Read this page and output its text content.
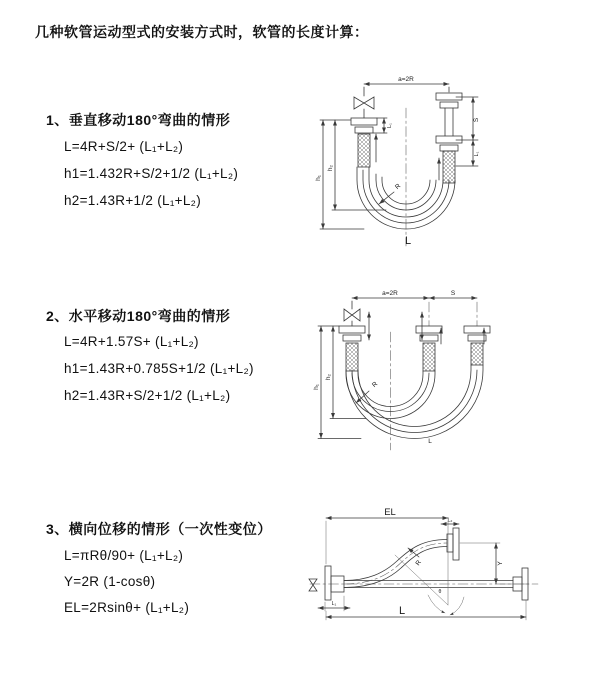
几种软管运动型式的安装方式时，软管的长度计算：
1、垂直移动180°弯曲的情形
L=4R+S/2+ (L₁+L₂)
h1=1.432R+S/2+1/2 (L₁+L₂)
h2=1.43R+1/2 (L₁+L₂)
2、水平移动180°弯曲的情形
L=4R+1.57S+ (L₁+L₂)
h1=1.43R+0.785S+1/2 (L₁+L₂)
h2=1.43R+S/2+1/2 (L₁+L₂)
3、横向位移的情形（一次性变位）
L=πRθ/90+ (L₁+L₂)
Y=2R (1-cosθ)
EL=2Rsinθ+ (L₁+L₂)
a=2R
h₁
h₂
L₁
S
L₁
R
L
a=2R	S
h₁
h₂
R
L
EL
L₂
Y
R
θ
L₁
L
